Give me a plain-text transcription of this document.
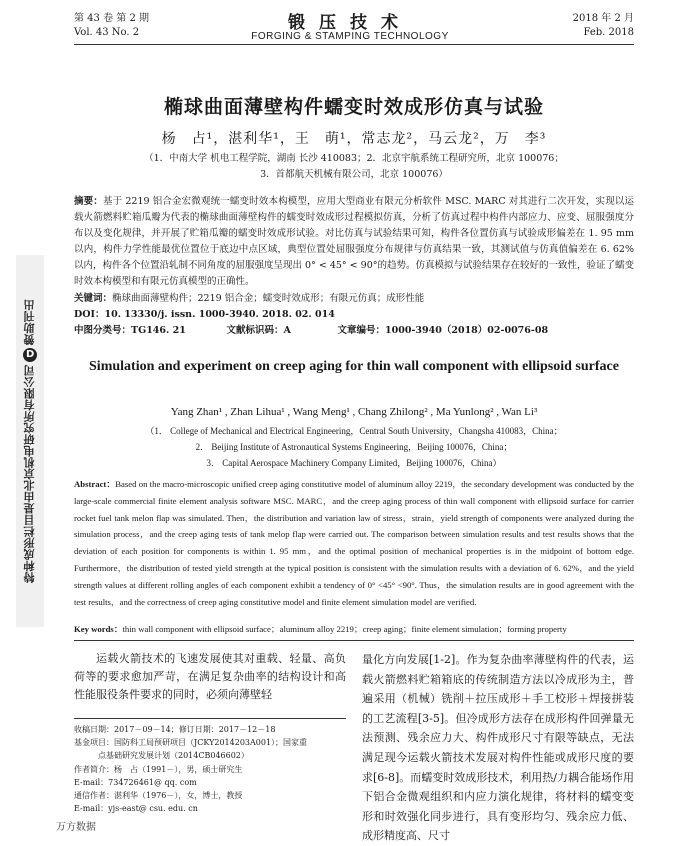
第 43 卷 第 2 期
Vol. 43 No. 2	锻压技术
FORGING & STAMPING TECHNOLOGY
2018 年 2 月
Feb. 2018
椭球曲面薄壁构件蠕变时效成形仿真与试验
杨　占¹，湛利华¹，王　萌¹，常志龙²，马云龙²，万　李³
（1．中南大学 机电工程学院，湖南 长沙 410083；2．北京宇航系统工程研究所，北京 100076；
3．首都航天机械有限公司，北京 100076）
摘要：基于 2219 铝合金宏微观统一蠕变时效本构模型，应用大型商业有限元分析软件 MSC. MARC 对其进行二次开发，实现以运载火箭燃料贮箱瓜瓣为代表的椭球曲面薄壁构件的蠕变时效成形过程模拟仿真，分析了仿真过程中构件内部应力、应变、屈服强度分布以及变化规律，并开展了贮箱瓜瓣的蠕变时效成形试验。对比仿真与试验结果可知，构件各位置仿真与试验成形偏差在 1. 95 mm 以内，构件力学性能最优位置位于底边中点区域，典型位置处屈服强度分布规律与仿真结果一致，其测试值与仿真值偏差在 6. 62% 以内，构件各个位置沿轧制不同角度的屈服强度呈现出 0° < 45° < 90°的趋势。仿真模拟与试验结果存在较好的一致性，验证了蠕变时效本构模型和有限元仿真模型的正确性。
关键词：椭球曲面薄壁构件；2219 铝合金；蠕变时效成形；有限元仿真；成形性能
DOI：10. 13330/j. issn. 1000-3940. 2018. 02. 014
中图分类号：TG146. 21	文献标识码：A	文章编号：1000-3940（2018）02-0076-08
Simulation and experiment on creep aging for thin wall component with ellipsoid surface
Yang Zhan¹ , Zhan Lihua¹ , Wang Meng¹ , Chang Zhilong² , Ma Yunlong² , Wan Li³
（1． College of Mechanical and Electrical Engineering，Central South University，Changsha 410083，China；
2． Beijing Institute of Astronautical Systems Engineering，Beijing 100076，China；
3． Capital Aerospace Machinery Company Limited，Beijing 100076，China）
Abstract：Based on the macro-microscopic unified creep aging constitutive model of aluminum alloy 2219，the secondary development was conducted by the large-scale commercial finite element analysis software MSC. MARC，and the creep aging process of thin wall component with ellipsoid surface for carrier rocket fuel tank melon flap was simulated. Then，the distribution and variation law of stress，strain，yield strength of components were analyzed during the simulation process，and the creep aging tests of tank melop flap were carried out. The comparison between simulation results and test results shows that the deviation of each position for components is within 1. 95 mm，and the optimal position of mechanical properties is in the midpoint of bottom edge. Furthermore，the distribution of tested yield strength at the typical position is consistent with the simulation results with a deviation of 6. 62%，and the yield strength values at different rolling angles of each component exhibit a tendency of 0° <45° <90°. Thus，the simulation results are in good agreement with the test results，and the correctness of creep aging constitutive model and finite element simulation model are verified.
Key words：thin wall component with ellipsoid surface；aluminum alloy 2219；creep aging；finite element simulation；forming property
运载火箭技术的飞速发展使其对重载、轻量、高负荷等的要求愈加严苛，在满足复杂曲率的结构设计和高性能服役条件要求的同时，必须向薄壁轻
量化方向发展[1-2]。作为复杂曲率薄壁构件的代表，运载火箭燃料贮箱箱底的传统制造方法以冷成形为主，普遍采用（机械）铣削＋拉压成形＋手工校形＋焊接拼装的工艺流程[3-5]。但冷成形方法存在成形构件回弹量无法预测、残余应力大、构件成形尺寸有限等缺点，无法满足现今运载火箭技术发展对构件性能或成形尺度的要求[6-8]。而蠕变时效成形技术，利用热/力耦合能场作用下铝合金微观组织和内应力演化规律，将材料的蠕变变形和时效强化同步进行，具有变形均匀、残余应力低、成形精度高、尺寸
收稿日期：2017－09－14；修订日期：2017－12－18
基金项目：国防科工局预研项目（JCKY2014203A001）；国家重
点基础研究发展计划（2014CB046602）
作者简介：杨　占（1991－），男，硕士研究生
E-mail：734726461@ qq. com
通信作者：湛利华（1976－），女，博士，教授
E-mail：yjs-east@ csu. edu. cn
特种成形栏目是由北京机电研究所有限公司
D
赞助刊出
万方数据
